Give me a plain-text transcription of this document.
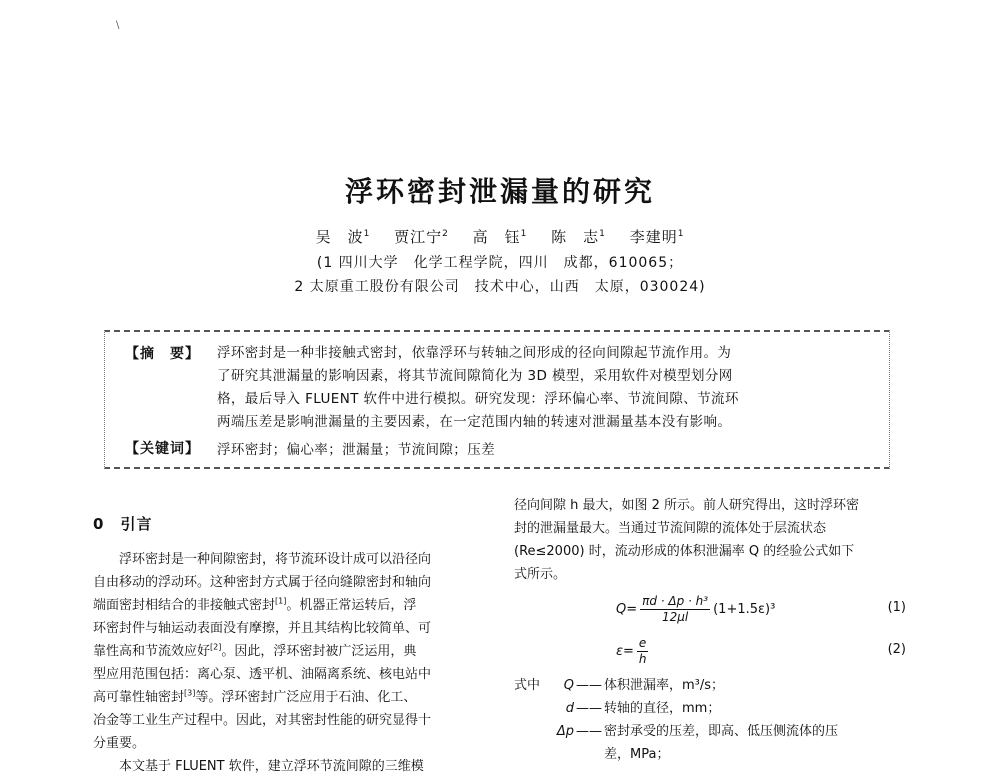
\
浮环密封泄漏量的研究
吴　波$^1$ 贾江宁$^2$ 高　钰$^1$ 陈　志$^1$ 李建明$^1$
(1 四川大学　化学工程学院，四川　成都，610065；
2 太原重工股份有限公司　技术中心，山西　太原，030024)
【摘　要】 浮环密封是一种非接触式密封，依靠浮环与转轴之间形成的径向间隙起节流作用。为
了研究其泄漏量的影响因素，将其节流间隙简化为 3D 模型，采用软件对模型划分网
格，最后导入 FLUENT 软件中进行模拟。研究发现：浮环偏心率、节流间隙、节流环
两端压差是影响泄漏量的主要因素，在一定范围内轴的转速对泄漏量基本没有影响。
【关键词】 浮环密封；偏心率；泄漏量；节流间隙；压差
0 引言

浮环密封是一种间隙密封，将节流环设计成可以沿径向

自由移动的浮动环。这种密封方式属于径向缝隙密封和轴向

端面密封相结合的非接触式密封[1]。机器正常运转后，浮

环密封件与轴运动表面没有摩擦，并且其结构比较简单、可

靠性高和节流效应好[2]。因此，浮环密封被广泛运用，典

型应用范围包括：离心泵、透平机、油隔离系统、核电站中

高可靠性轴密封[3]等。浮环密封广泛应用于石油、化工、

冶金等工业生产过程中。因此，对其密封性能的研究显得十

分重要。

本文基于 FLUENT 软件，建立浮环节流间隙的三维模

径向间隙 h 最大，如图 2 所示。前人研究得出，这时浮环密

封的泄漏量最大。当通过节流间隙的流体处于层流状态

(Re≤2000) 时，流动形成的体积泄漏率 Q 的经验公式如下

式所示。

$Q= \frac{\text{πd · Δp · h³}}{12\mu l} (1+1.5\varepsilon)^3$	(1)
$\varepsilon= \frac{e}{h}$	(2)
式中	Q —— 体积泄漏率，m³/s；
d —— 转轴的直径，mm；
Δp —— 密封承受的压差，即高、低压侧流体的压
差，MPa；
